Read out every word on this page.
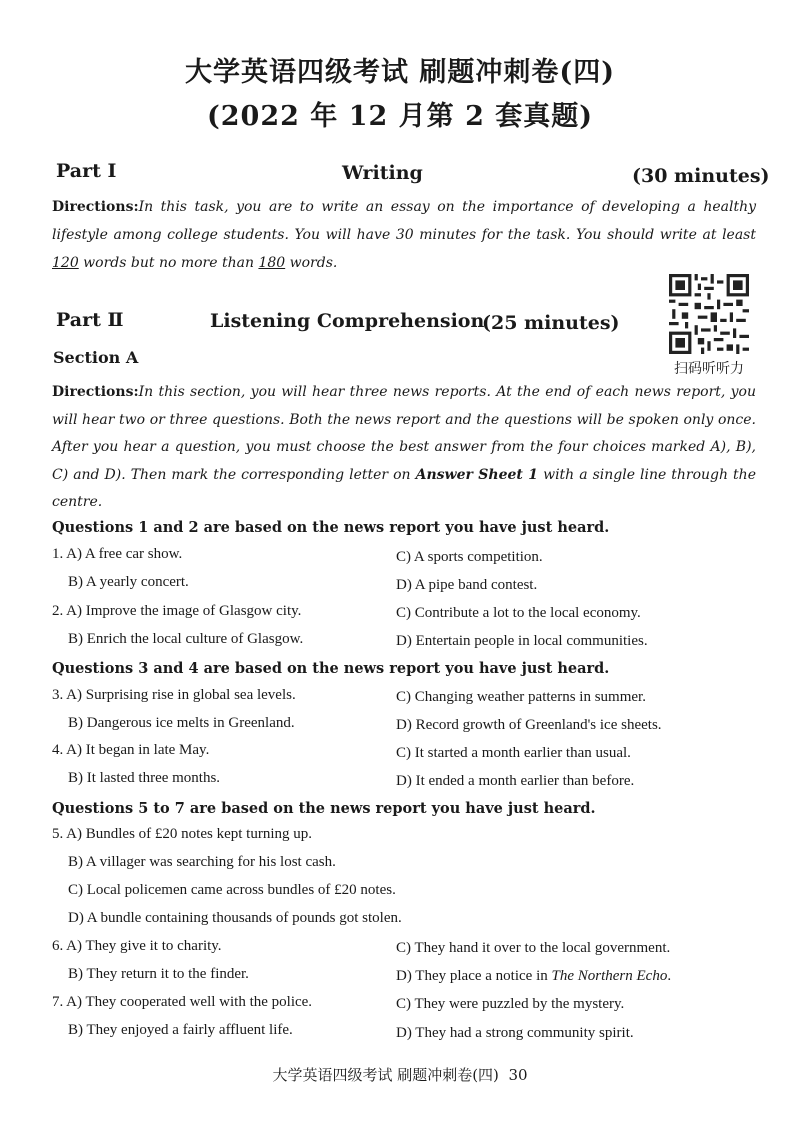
大学英语四级考试 刷题冲刺卷(四)
(2022 年 12 月第 2 套真题)
Part Ⅰ	Writing	(30 minutes)
Directions:In this task, you are to write an essay on the importance of developing a healthy lifestyle among college students. You will have 30 minutes for the task. You should write at least 120 words but no more than 180 words.
Part Ⅱ	Listening Comprehension
(25 minutes)
扫码听听力
Section A
Directions:In this section, you will hear three news reports. At the end of each news report, you will hear two or three questions. Both the news report and the questions will be spoken only once. After you hear a question, you must choose the best answer from the four choices marked A), B), C) and D). Then mark the corresponding letter on Answer Sheet 1 with a single line through the centre.
Questions 1 and 2 are based on the news report you have just heard.
1. A) A free car show.	C) A sports competition.
B) A yearly concert.	D) A pipe band contest.
2. A) Improve the image of Glasgow city.	C) Contribute a lot to the local economy.
B) Enrich the local culture of Glasgow.	D) Entertain people in local communities.
Questions 3 and 4 are based on the news report you have just heard.
3. A) Surprising rise in global sea levels.	C) Changing weather patterns in summer.
B) Dangerous ice melts in Greenland.	D) Record growth of Greenland's ice sheets.
4. A) It began in late May.	C) It started a month earlier than usual.
B) It lasted three months.	D) It ended a month earlier than before.
Questions 5 to 7 are based on the news report you have just heard.
5. A) Bundles of £20 notes kept turning up.
B) A villager was searching for his lost cash.
C) Local policemen came across bundles of £20 notes.
D) A bundle containing thousands of pounds got stolen.
6. A) They give it to charity.	C) They hand it over to the local government.
B) They return it to the finder.	D) They place a notice in The Northern Echo.
7. A) They cooperated well with the police.	C) They were puzzled by the mystery.
B) They enjoyed a fairly affluent life.	D) They had a strong community spirit.
大学英语四级考试 刷题冲刺卷(四) 30
